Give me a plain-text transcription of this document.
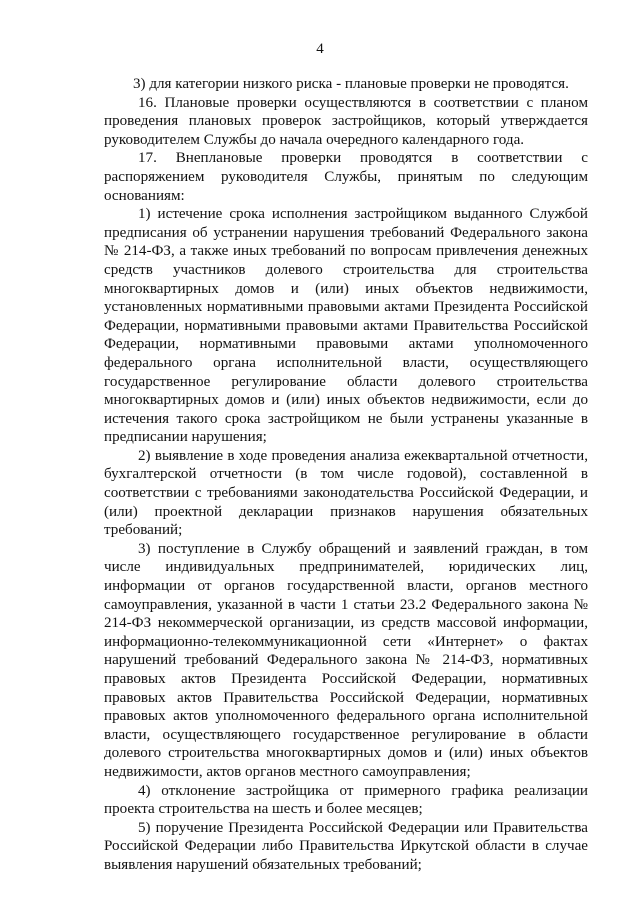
4

3) для категории низкого риска - плановые проверки не проводятся.

16. Плановые проверки осуществляются в соответствии с планом проведения плановых проверок застройщиков, который утверждается руководителем Службы до начала очередного календарного года.

17. Внеплановые проверки проводятся в соответствии с распоряжением руководителя Службы, принятым по следующим основаниям:

1) истечение срока исполнения застройщиком выданного Службой предписания об устранении нарушения требований Федерального закона № 214-ФЗ, а также иных требований по вопросам привлечения денежных средств участников долевого строительства для строительства многоквартирных домов и (или) иных объектов недвижимости, установленных нормативными правовыми актами Президента Российской Федерации, нормативными правовыми актами Правительства Российской Федерации, нормативными правовыми актами уполномоченного федерального органа исполнительной власти, осуществляющего государственное регулирование области долевого строительства многоквартирных домов и (или) иных объектов недвижимости, если до истечения такого срока застройщиком не были устранены указанные в предписании нарушения;

2) выявление в ходе проведения анализа ежеквартальной отчетности, бухгалтерской отчетности (в том числе годовой), составленной в соответствии с требованиями законодательства Российской Федерации, и (или) проектной декларации признаков нарушения обязательных требований;

3) поступление в Службу обращений и заявлений граждан, в том числе индивидуальных предпринимателей, юридических лиц, информации от органов государственной власти, органов местного самоуправления, указанной в части 1 статьи 23.2 Федерального закона № 214-ФЗ некоммерческой организации, из средств массовой информации, информационно-телекоммуникационной сети «Интернет» о фактах нарушений требований Федерального закона № 214-ФЗ, нормативных правовых актов Президента Российской Федерации, нормативных правовых актов Правительства Российской Федерации, нормативных правовых актов уполномоченного федерального органа исполнительной власти, осуществляющего государственное регулирование в области долевого строительства многоквартирных домов и (или) иных объектов недвижимости, актов органов местного самоуправления;

4) отклонение застройщика от примерного графика реализации проекта строительства на шесть и более месяцев;

5) поручение Президента Российской Федерации или Правительства Российской Федерации либо Правительства Иркутской области в случае выявления нарушений обязательных требований;
